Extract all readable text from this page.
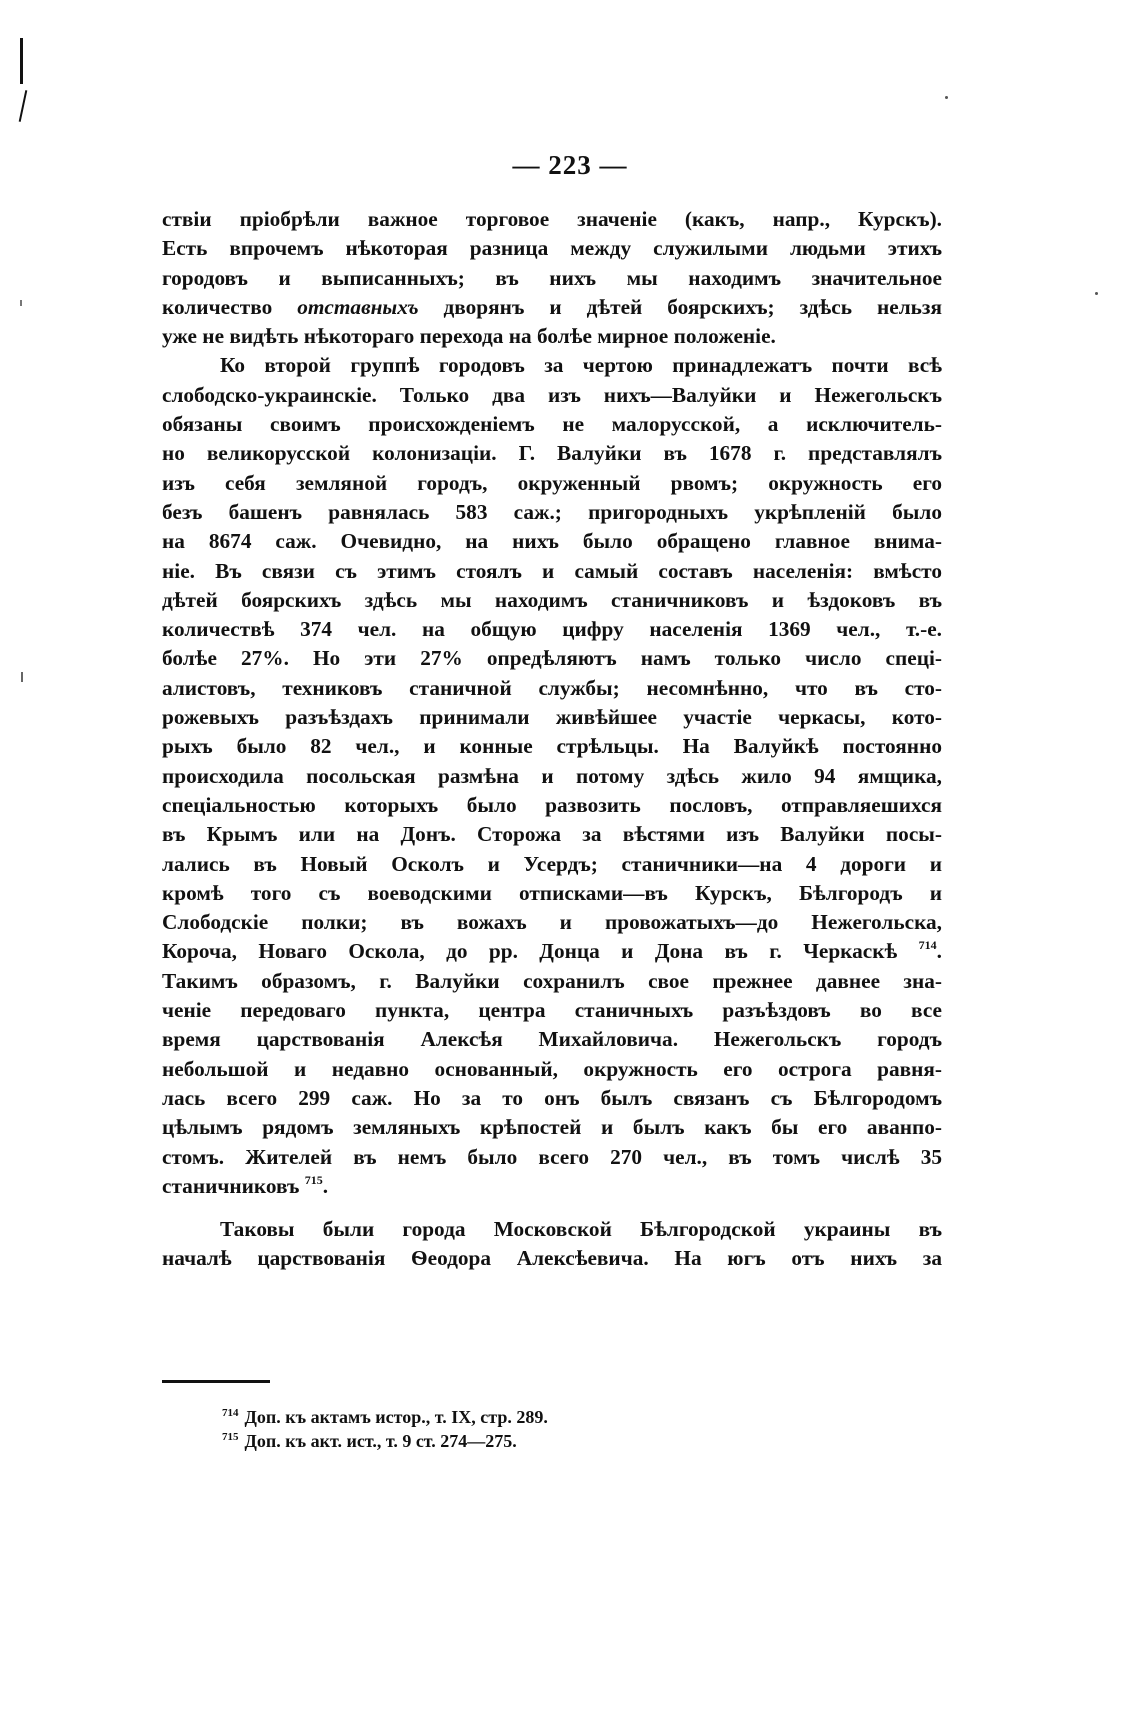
— 223 —
ствіи пріобрѣли важное торговое значеніе (какъ, напр., Курскъ).
Есть впрочемъ нѣкоторая разница между служилыми людьми этихъ
городовъ и выписанныхъ; въ нихъ мы находимъ значительное
количество отставныхъ дворянъ и дѣтей боярскихъ; здѣсь нельзя
уже не видѣть нѣкотораго перехода на болѣе мирное положеніе.
Ко второй группѣ городовъ за чертою принадлежатъ почти всѣ
слободско-украинскіе. Только два изъ нихъ—Валуйки и Нежегольскъ
обязаны своимъ происхожденіемъ не малорусской, а исключитель-
но великорусской колонизаціи. Г. Валуйки въ 1678 г. представлялъ
изъ себя земляной городъ, окруженный рвомъ; окружность его
безъ башенъ равнялась 583 саж.; пригородныхъ укрѣпленій было
на 8674 саж. Очевидно, на нихъ было обращено главное внима-
ніе. Въ связи съ этимъ стоялъ и самый составъ населенія: вмѣсто
дѣтей боярскихъ здѣсь мы находимъ станичниковъ и ѣздоковъ въ
количествѣ 374 чел. на общую цифру населенія 1369 чел., т.-е.
болѣе 27%. Но эти 27% опредѣляютъ намъ только число спеці-
алистовъ, техниковъ станичной службы; несомнѣнно, что въ сто-
рожевыхъ разъѣздахъ принимали живѣйшее участіе черкасы, кото-
рыхъ было 82 чел., и конные стрѣльцы. На Валуйкѣ постоянно
происходила посольская размѣна и потому здѣсь жило 94 ямщика,
спеціальностью которыхъ было развозить пословъ, отправляешихся
въ Крымъ или на Донъ. Сторожа за вѣстями изъ Валуйки посы-
лались въ Новый Осколъ и Усердъ; станичники—на 4 дороги и
кромѣ того съ воеводскими отписками—въ Курскъ, Бѣлгородъ и
Слободскіе полки; въ вожахъ и провожатыхъ—до Нежегольска,
Короча, Новаго Оскола, до рр. Донца и Дона въ г. Черкаскѣ $^{714}$.
Такимъ образомъ, г. Валуйки сохранилъ свое прежнее давнее зна-
ченіе передоваго пункта, центра станичныхъ разъѣздовъ во все
время царствованія Алексѣя Михайловича. Нежегольскъ городъ
небольшой и недавно основанный, окружность его острога равня-
лась всего 299 саж. Но за то онъ былъ связанъ съ Бѣлгородомъ
цѣлымъ рядомъ земляныхъ крѣпостей и былъ какъ бы его аванпо-
стомъ. Жителей въ немъ было всего 270 чел., въ томъ числѣ 35
станичниковъ $^{715}$.
Таковы были города Московской Бѣлгородской украины въ
началѣ царствованія Ѳеодора Алексѣевича. На югъ отъ нихъ за
$^{714}$ Доп. къ актамъ истор., т. IX, стр. 289.
$^{715}$ Доп. къ акт. ист., т. 9 ст. 274—275.
